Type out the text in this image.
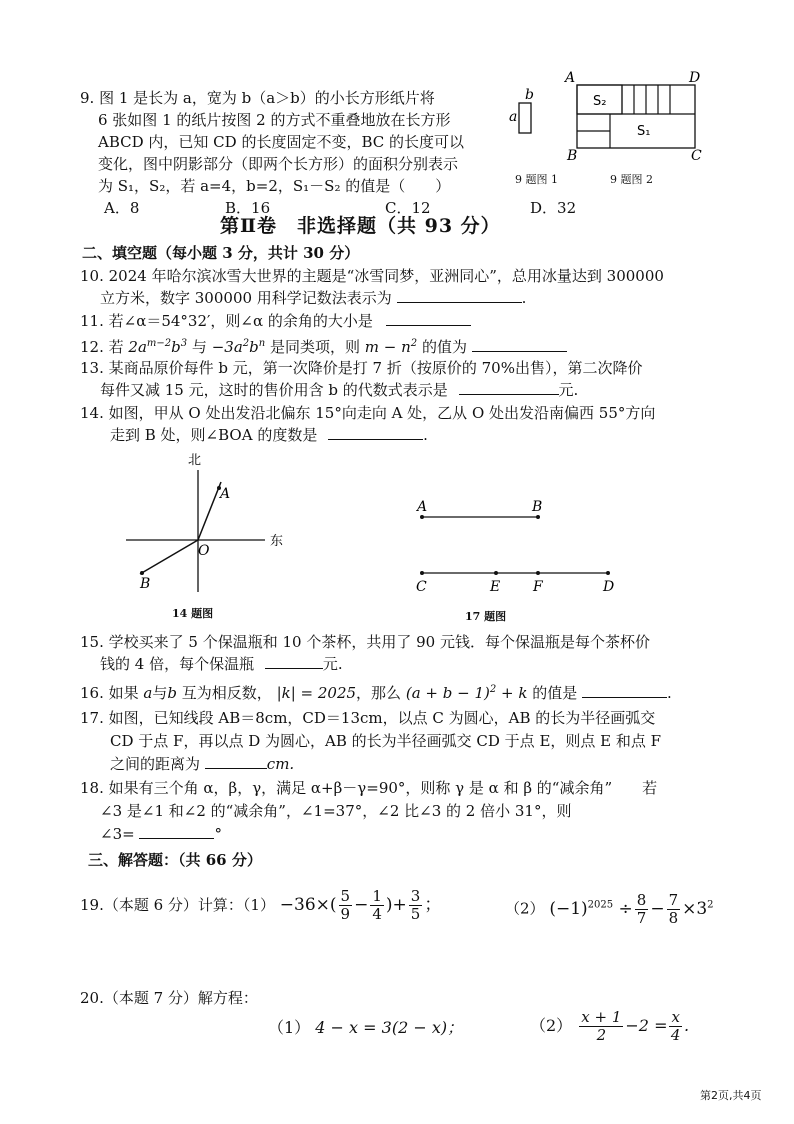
9. 图 1 是长为 a，宽为 b（a＞b）的小长方形纸片将
6 张如图 1 的纸片按图 2 的方式不重叠地放在长方形
ABCD 内，已知 CD 的长度固定不变，BC 的长度可以
变化，图中阴影部分（即两个长方形）的面积分别表示
为 S₁，S₂，若 a=4，b=2，S₁－S₂ 的值是（　　）
A．8	B．16	C．12	D．32
b
a
9 题图 1
A	D
B	C
S₂
S₁
9 题图 2
第Ⅱ卷　非选择题（共 93 分）
二、填空题（每小题 3 分，共计 30 分）
10. 2024 年哈尔滨冰雪大世界的主题是“冰雪同梦，亚洲同心”，总用冰量达到 300000
立方米，数字 300000 用科学记数法表示为	.
11. 若∠α＝54°32′，则∠α 的余角的大小是
12. 若 $2a^{m-2}b^3$ 与 $-3a^2b^n$ 是同类项，则 $m - n^2$ 的值为
13. 某商品原价每件 b 元，第一次降价是打 7 折（按原价的 70%出售），第二次降价
每件又减 15 元，这时的售价用含 b 的代数式表示是	元.
14. 如图，甲从 O 处出发沿北偏东 15°向走向 A 处，乙从 O 处出发沿南偏西 55°方向
走到 B 处，则∠BOA 的度数是	.
北
东
O
A
B
14 题图
A	B
C	E F	D
17 题图
15. 学校买来了 5 个保温瓶和 10 个茶杯，共用了 90 元钱．每个保温瓶是每个茶杯价
钱的 4 倍，每个保温瓶	元.
16. 如果 a与b 互为相反数， |k| = 2025，那么 $(a + b - 1)^2 + k$ 的值是	.
17. 如图，已知线段 AB＝8cm，CD＝13cm，以点 C 为圆心，AB 的长为半径画弧交
CD 于点 F，再以点 D 为圆心，AB 的长为半径画弧交 CD 于点 E，则点 E 和点 F
之间的距离为	cm.
18. 如果有三个角 α，β，γ，满足 α+β－γ=90°，则称 γ 是 α 和 β 的“减余角”　　若
∠3 是∠1 和∠2 的“减余角”，∠1=37°，∠2 比∠3 的 2 倍小 31°，则
∠3=	°
三、解答题：（共 66 分）
19.（本题 6 分）计算：$(1) -36\times( \frac{5}{9} - \frac{1}{4}$ )+ $\frac{3}{5}$ ；	（2） $(-1)^{2025} \div \frac{8}{7} - \frac{7}{8} \times 3^2$
20.（本题 7 分）解方程：
（1） 4 − x = 3(2 − x)；	$(2) \frac{x + 1}{2} -2 = \frac{x}{4}$ .
第2页,共4页
